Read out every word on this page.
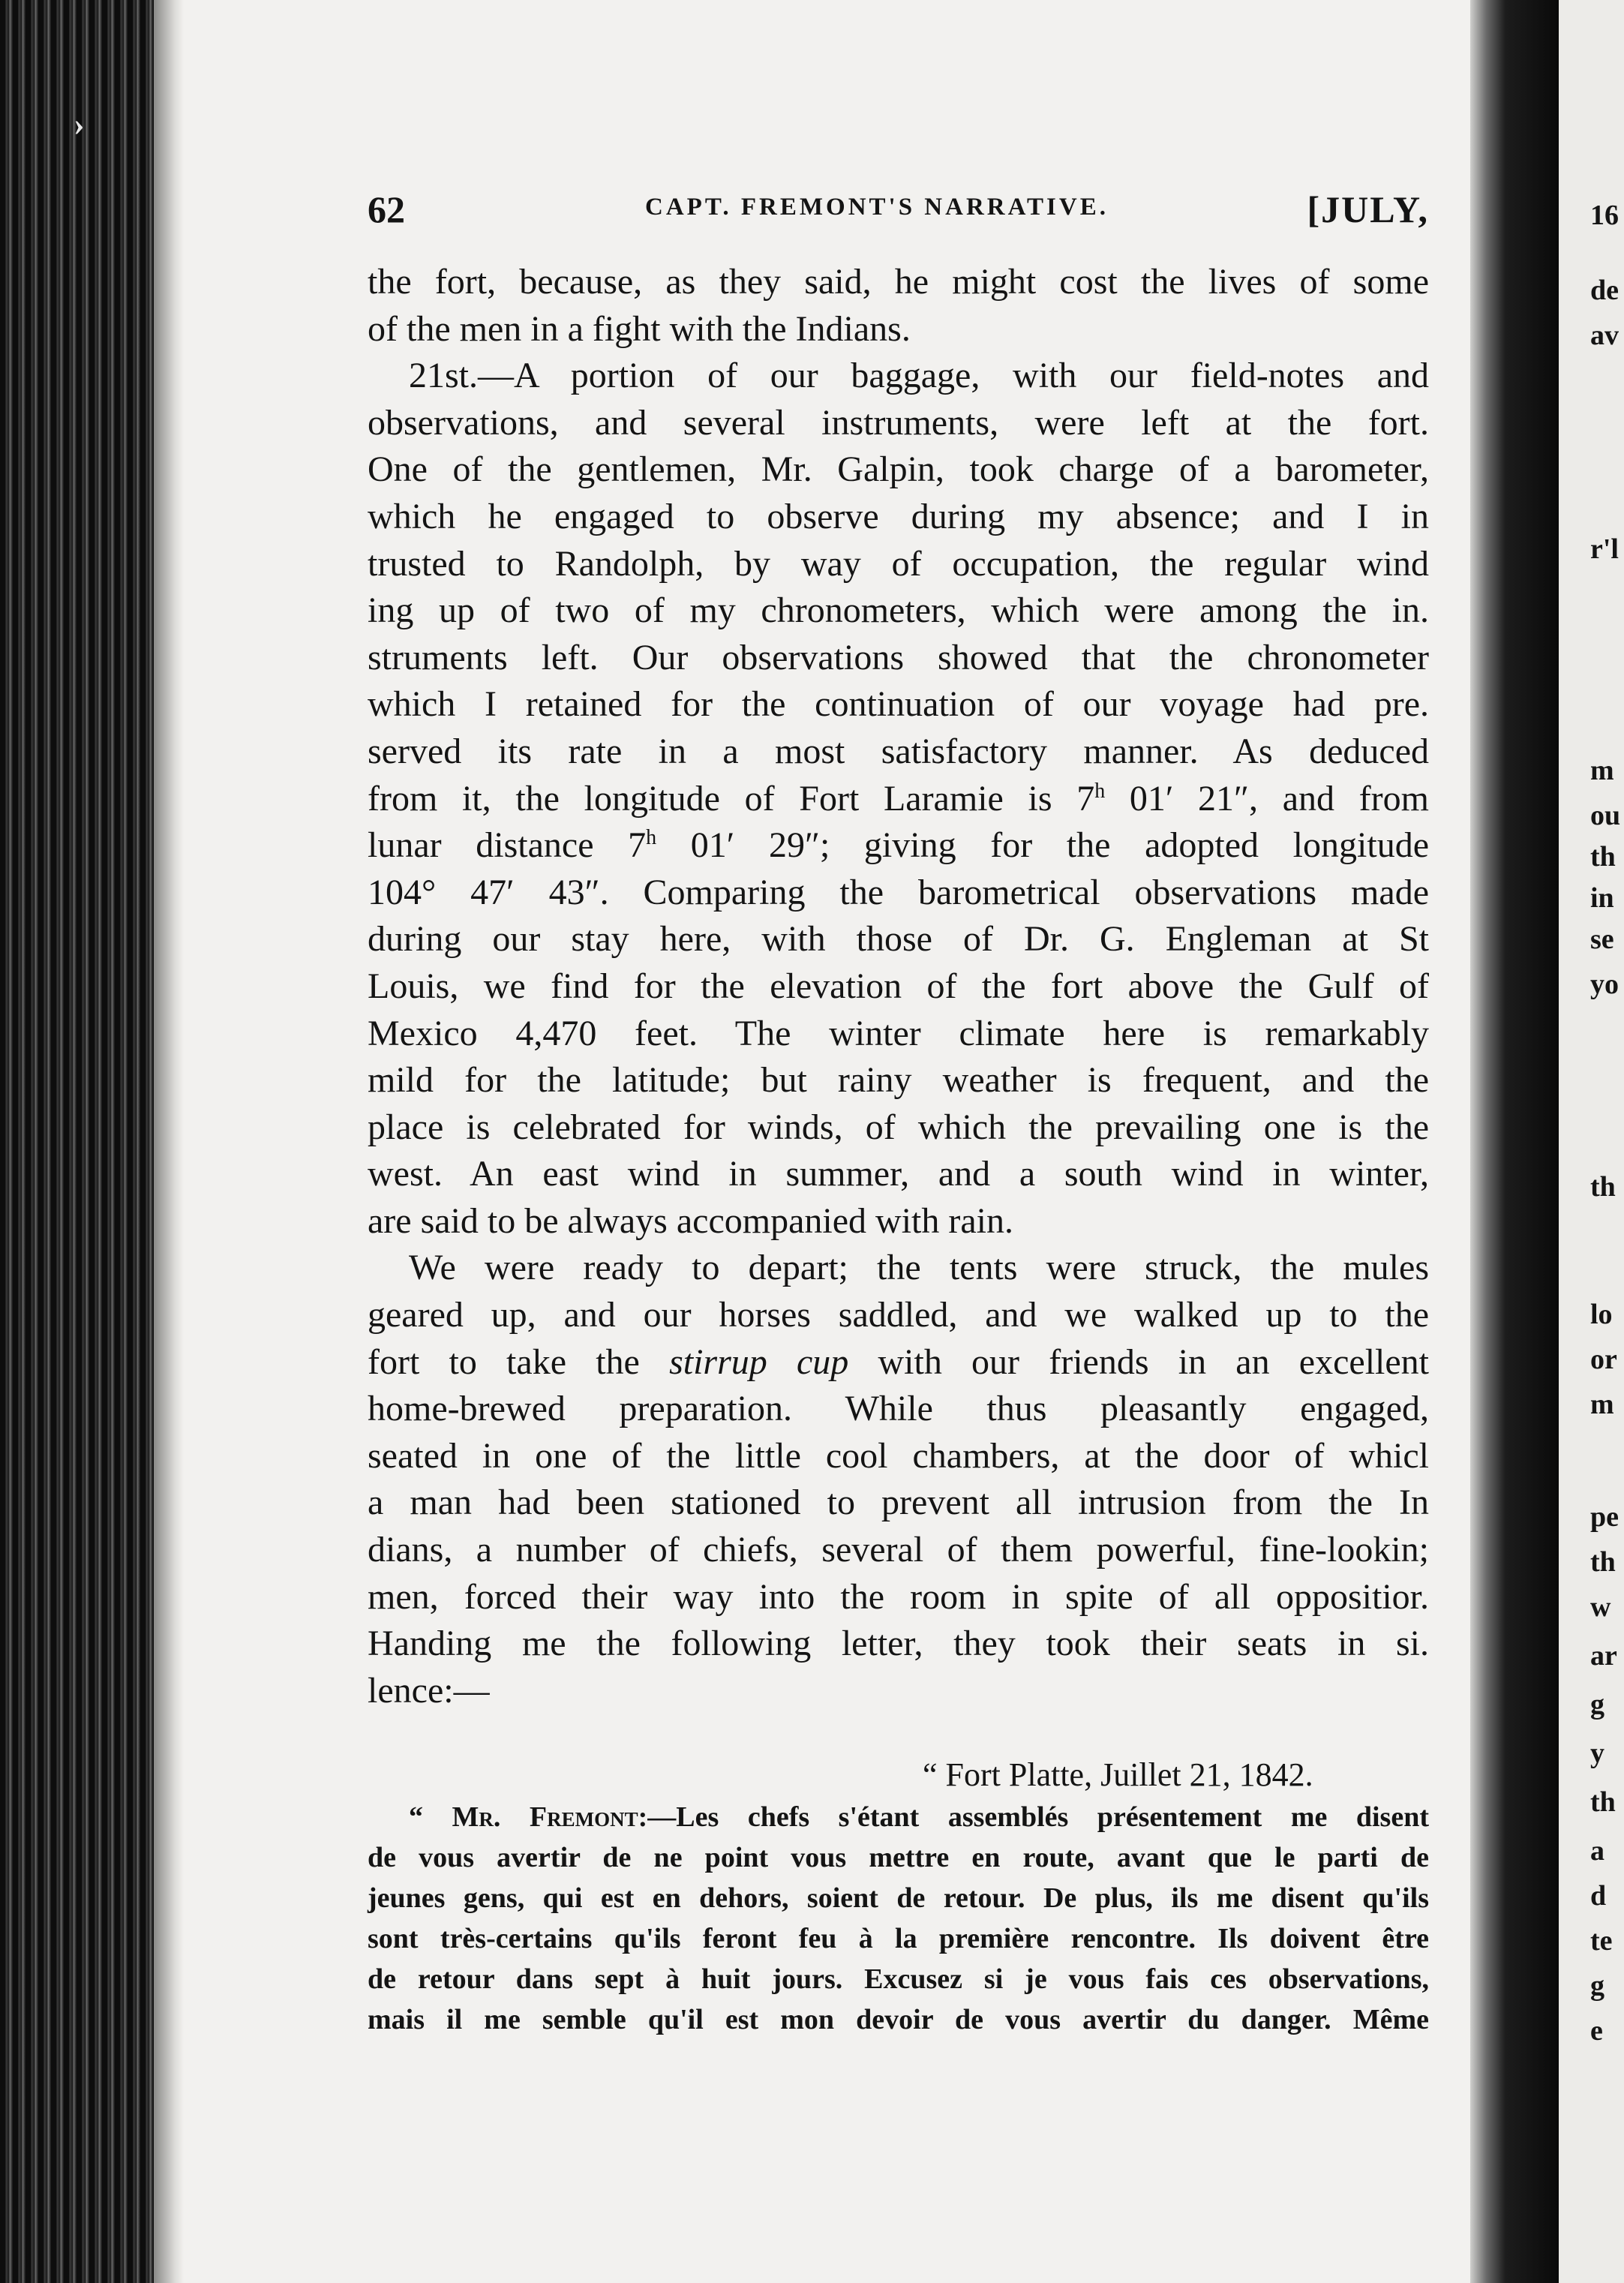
›
16
de
av
r'l
m
ou
th
in
se
yo
th
lo
or
m
pe
th
w
ar
g
y
th
a
d
te
g
e
62	CAPT. FREMONT'S NARRATIVE.	[JULY,
the fort, because, as they said, he might cost the lives of some
of the men in a fight with the Indians.
21st.—A portion of our baggage, with our field-notes and
observations, and several instruments, were left at the fort.
One of the gentlemen, Mr. Galpin, took charge of a barometer,
which he engaged to observe during my absence; and I in
trusted to Randolph, by way of occupation, the regular wind
ing up of two of my chronometers, which were among the in.
struments left. Our observations showed that the chronometer
which I retained for the continuation of our voyage had pre.
served its rate in a most satisfactory manner. As deduced
from it, the longitude of Fort Laramie is 7$^h$ 01′ 21″, and from
lunar distance 7$^h$ 01′ 29″; giving for the adopted longitude
104° 47′ 43″. Comparing the barometrical observations made
during our stay here, with those of Dr. G. Engleman at St
Louis, we find for the elevation of the fort above the Gulf of
Mexico 4,470 feet. The winter climate here is remarkably
mild for the latitude; but rainy weather is frequent, and the
place is celebrated for winds, of which the prevailing one is the
west. An east wind in summer, and a south wind in winter,
are said to be always accompanied with rain.
We were ready to depart; the tents were struck, the mules
geared up, and our horses saddled, and we walked up to the
fort to take the stirrup cup with our friends in an excellent
home-brewed preparation. While thus pleasantly engaged,
seated in one of the little cool chambers, at the door of whicl
a man had been stationed to prevent all intrusion from the In
dians, a number of chiefs, several of them powerful, fine-lookin;
men, forced their way into the room in spite of all oppositior.
Handing me the following letter, they took their seats in si.
lence:—
“ Fort Platte, Juillet 21, 1842.
“ Mr. Fremont:—Les chefs s'étant assemblés présentement me disent
de vous avertir de ne point vous mettre en route, avant que le parti de
jeunes gens, qui est en dehors, soient de retour. De plus, ils me disent qu'ils
sont très-certains qu'ils feront feu à la première rencontre. Ils doivent être
de retour dans sept à huit jours. Excusez si je vous fais ces observations,
mais il me semble qu'il est mon devoir de vous avertir du danger. Même
